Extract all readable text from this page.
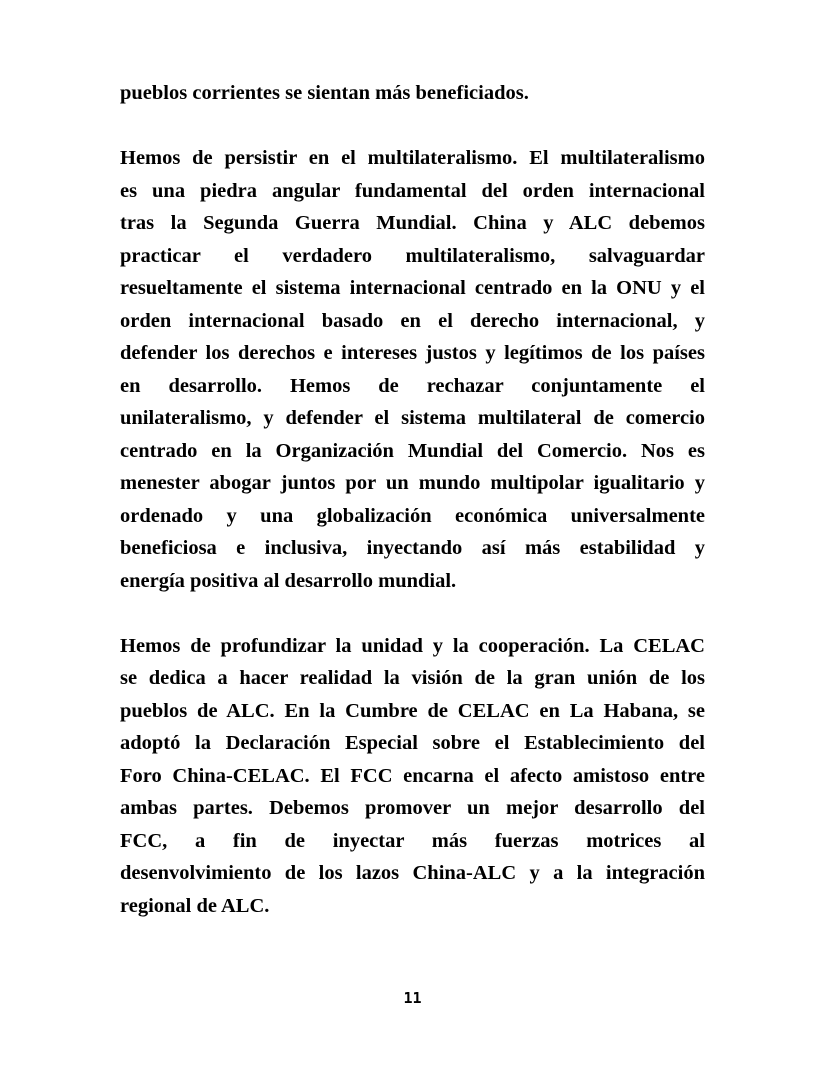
pueblos corrientes se sientan más beneficiados.

Hemos de persistir en el multilateralismo. El multilateralismo
es una piedra angular fundamental del orden internacional
tras la Segunda Guerra Mundial. China y ALC debemos
practicar el verdadero multilateralismo, salvaguardar
resueltamente el sistema internacional centrado en la ONU y el
orden internacional basado en el derecho internacional, y
defender los derechos e intereses justos y legítimos de los países
en desarrollo. Hemos de rechazar conjuntamente el
unilateralismo, y defender el sistema multilateral de comercio
centrado en la Organización Mundial del Comercio. Nos es
menester abogar juntos por un mundo multipolar igualitario y
ordenado y una globalización económica universalmente
beneficiosa e inclusiva, inyectando así más estabilidad y
energía positiva al desarrollo mundial.

Hemos de profundizar la unidad y la cooperación. La CELAC
se dedica a hacer realidad la visión de la gran unión de los
pueblos de ALC. En la Cumbre de CELAC en La Habana, se
adoptó la Declaración Especial sobre el Establecimiento del
Foro China-CELAC. El FCC encarna el afecto amistoso entre
ambas partes. Debemos promover un mejor desarrollo del
FCC, a fin de inyectar más fuerzas motrices al
desenvolvimiento de los lazos China-ALC y a la integración
regional de ALC.

11
